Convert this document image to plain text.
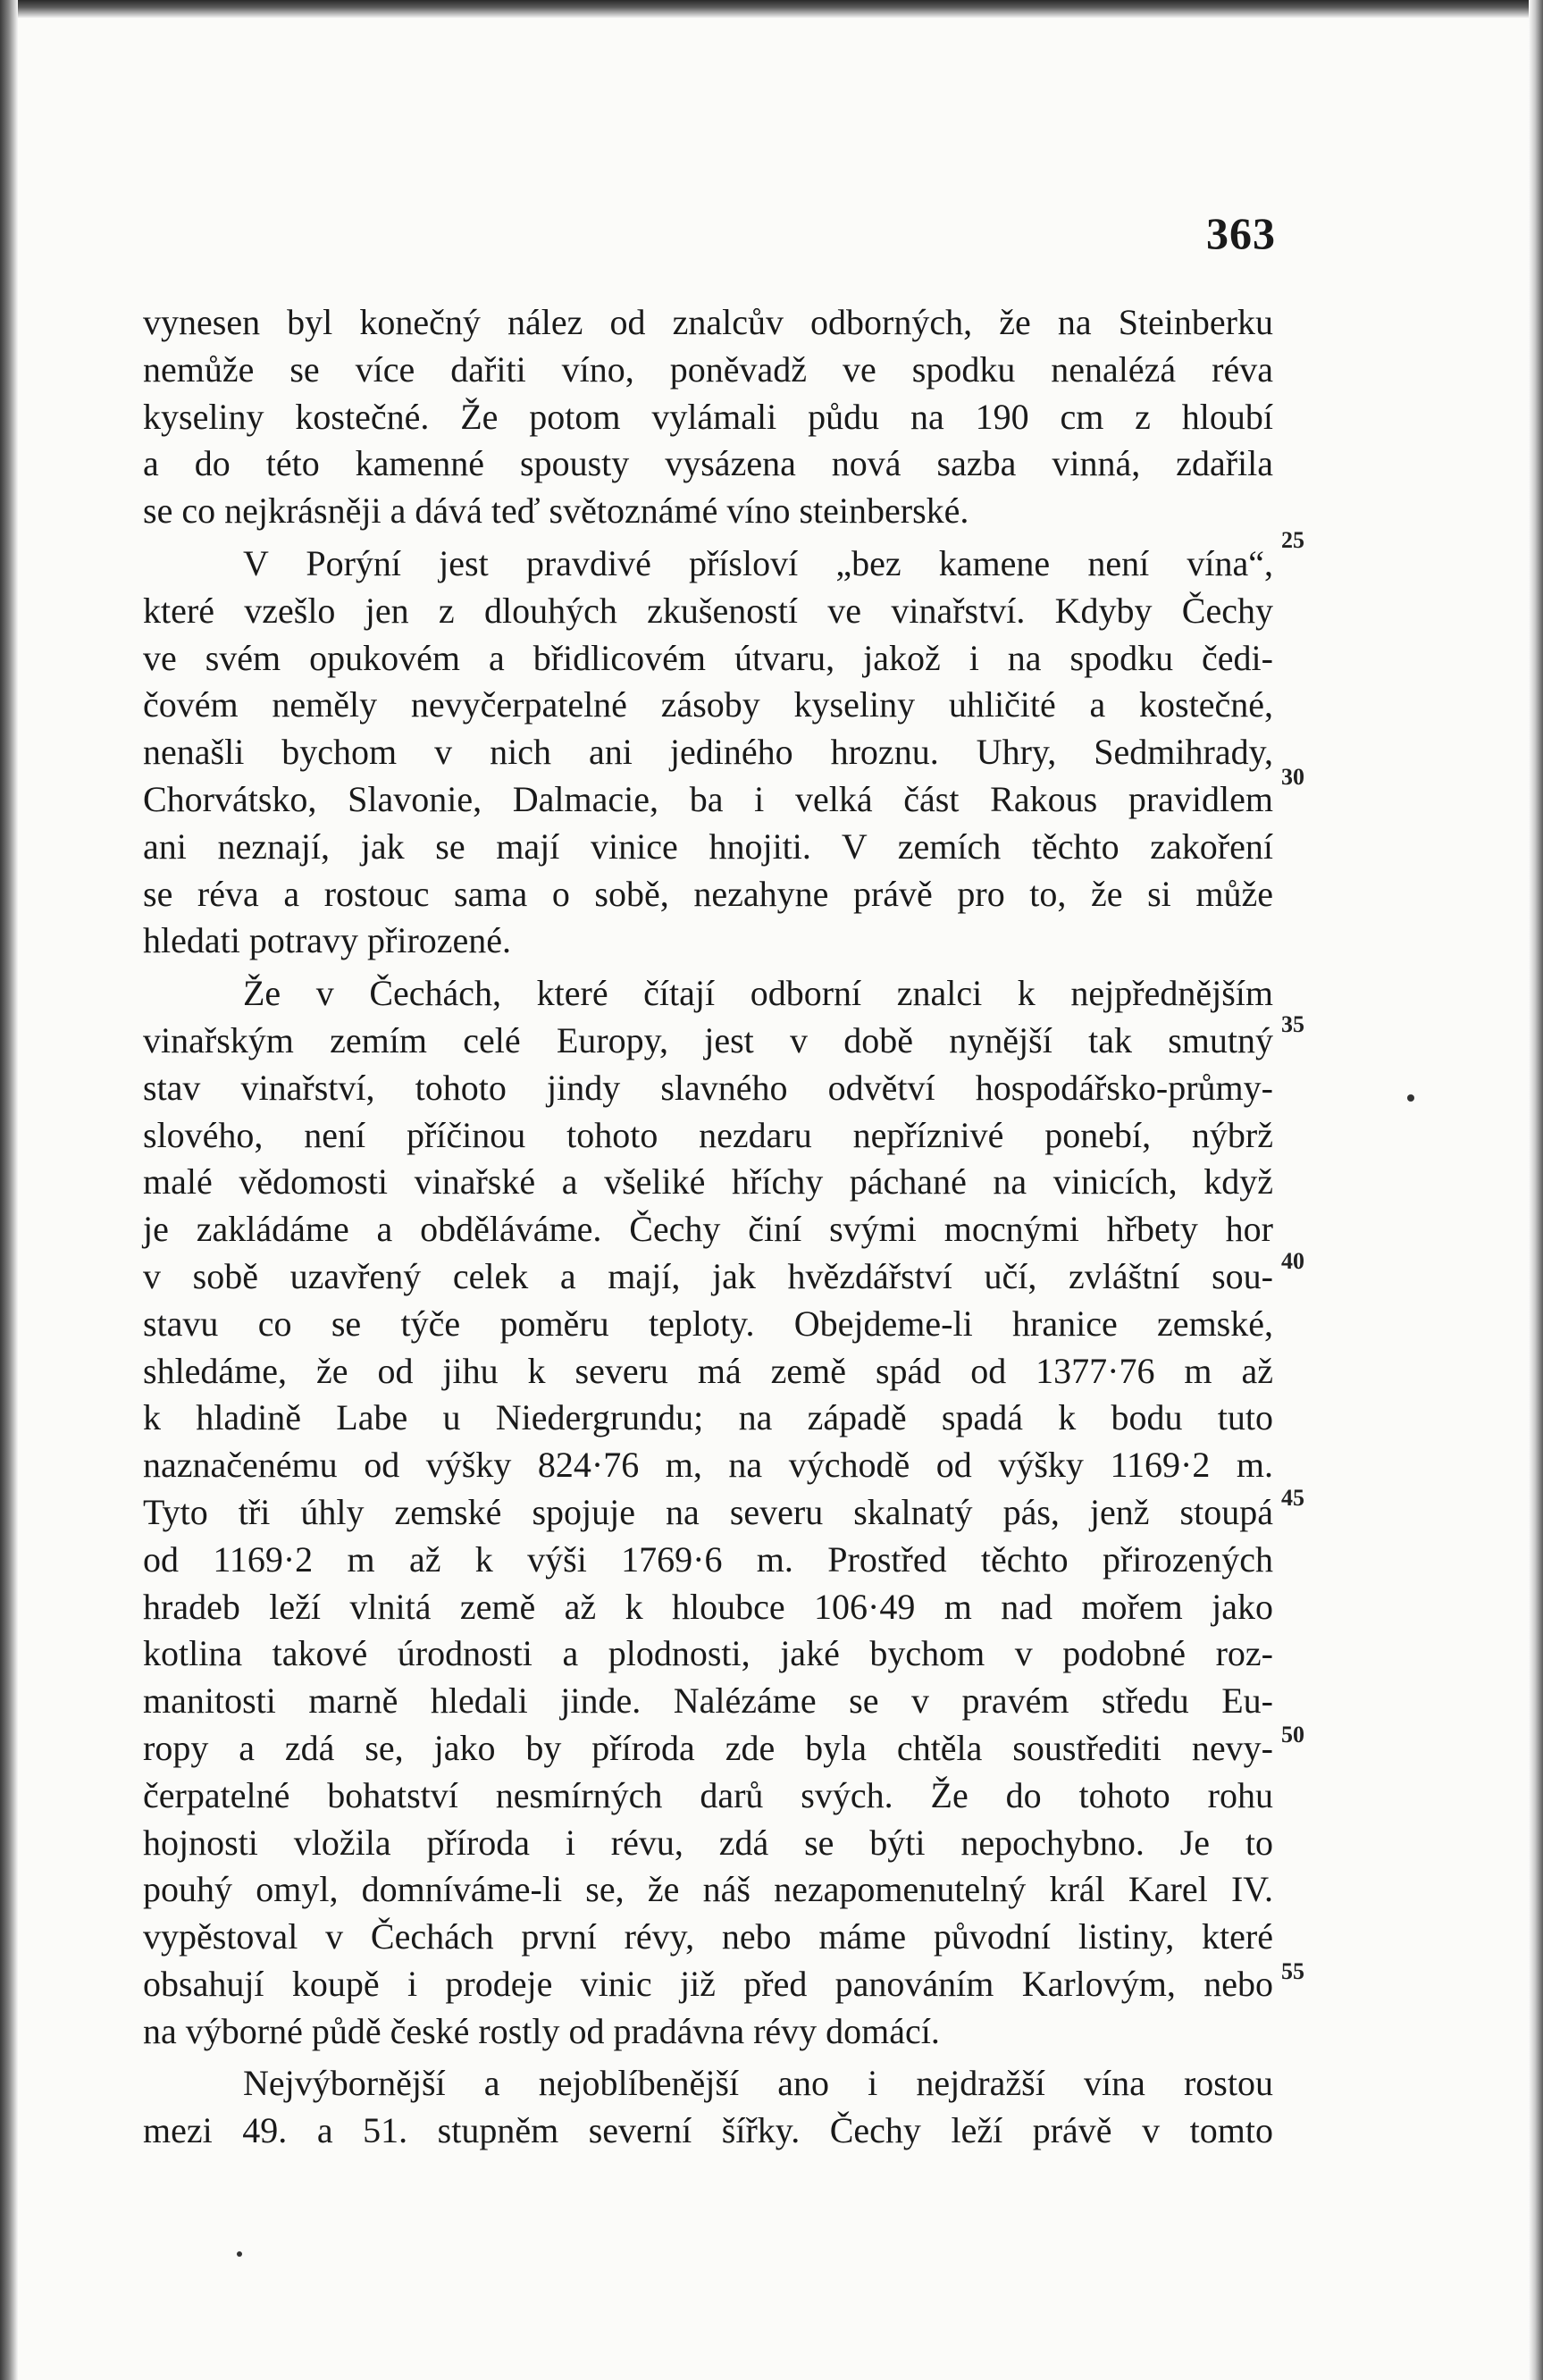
363
vynesen byl konečný nález od znalcův odborných, že na Steinberku
nemůže se více dařiti víno, poněvadž ve spodku nenalézá réva
kyseliny kostečné. Že potom vylámali půdu na 190 cm z hloubí
a do této kamenné spousty vysázena nová sazba vinná, zdařila
se co nejkrásněji a dává teď světoznámé víno steinberské.
V Porýní jest pravdivé přísloví „bez kamene není vína“,
které vzešlo jen z dlouhých zkušeností ve vinařství. Kdyby Čechy
ve svém opukovém a břidlicovém útvaru, jakož i na spodku čedi-
čovém neměly nevyčerpatelné zásoby kyseliny uhličité a kostečné,
nenašli bychom v nich ani jediného hroznu. Uhry, Sedmihrady,
Chorvátsko, Slavonie, Dalmacie, ba i velká část Rakous pravidlem
ani neznají, jak se mají vinice hnojiti. V zemích těchto zakoření
se réva a rostouc sama o sobě, nezahyne právě pro to, že si může
hledati potravy přirozené.
Že v Čechách, které čítají odborní znalci k nejpřednějším
vinařským zemím celé Europy, jest v době nynější tak smutný
stav vinařství, tohoto jindy slavného odvětví hospodářsko-průmy-
slového, není příčinou tohoto nezdaru nepříznivé ponebí, nýbrž
malé vědomosti vinařské a všeliké hříchy páchané na vinicích, když
je zakládáme a obděláváme. Čechy činí svými mocnými hřbety hor
v sobě uzavřený celek a mají, jak hvězdářství učí, zvláštní sou-
stavu co se týče poměru teploty. Obejdeme-li hranice zemské,
shledáme, že od jihu k severu má země spád od 1377·76 m až
k hladině Labe u Niedergrundu; na západě spadá k bodu tuto
naznačenému od výšky 824·76 m, na východě od výšky 1169·2 m.
Tyto tři úhly zemské spojuje na severu skalnatý pás, jenž stoupá
od 1169·2 m až k výši 1769·6 m. Prostřed těchto přirozených
hradeb leží vlnitá země až k hloubce 106·49 m nad mořem jako
kotlina takové úrodnosti a plodnosti, jaké bychom v podobné roz-
manitosti marně hledali jinde. Nalézáme se v pravém středu Eu-
ropy a zdá se, jako by příroda zde byla chtěla soustřediti nevy-
čerpatelné bohatství nesmírných darů svých. Že do tohoto rohu
hojnosti vložila příroda i révu, zdá se býti nepochybno. Je to
pouhý omyl, domníváme-li se, že náš nezapomenutelný král Karel IV.
vypěstoval v Čechách první révy, nebo máme původní listiny, které
obsahují koupě i prodeje vinic již před panováním Karlovým, nebo
na výborné půdě české rostly od pradávna révy domácí.
Nejvýbornější a nejoblíbenější ano i nejdražší vína rostou
mezi 49. a 51. stupněm severní šířky. Čechy leží právě v tomto
25
30
35
40
45
50
55
